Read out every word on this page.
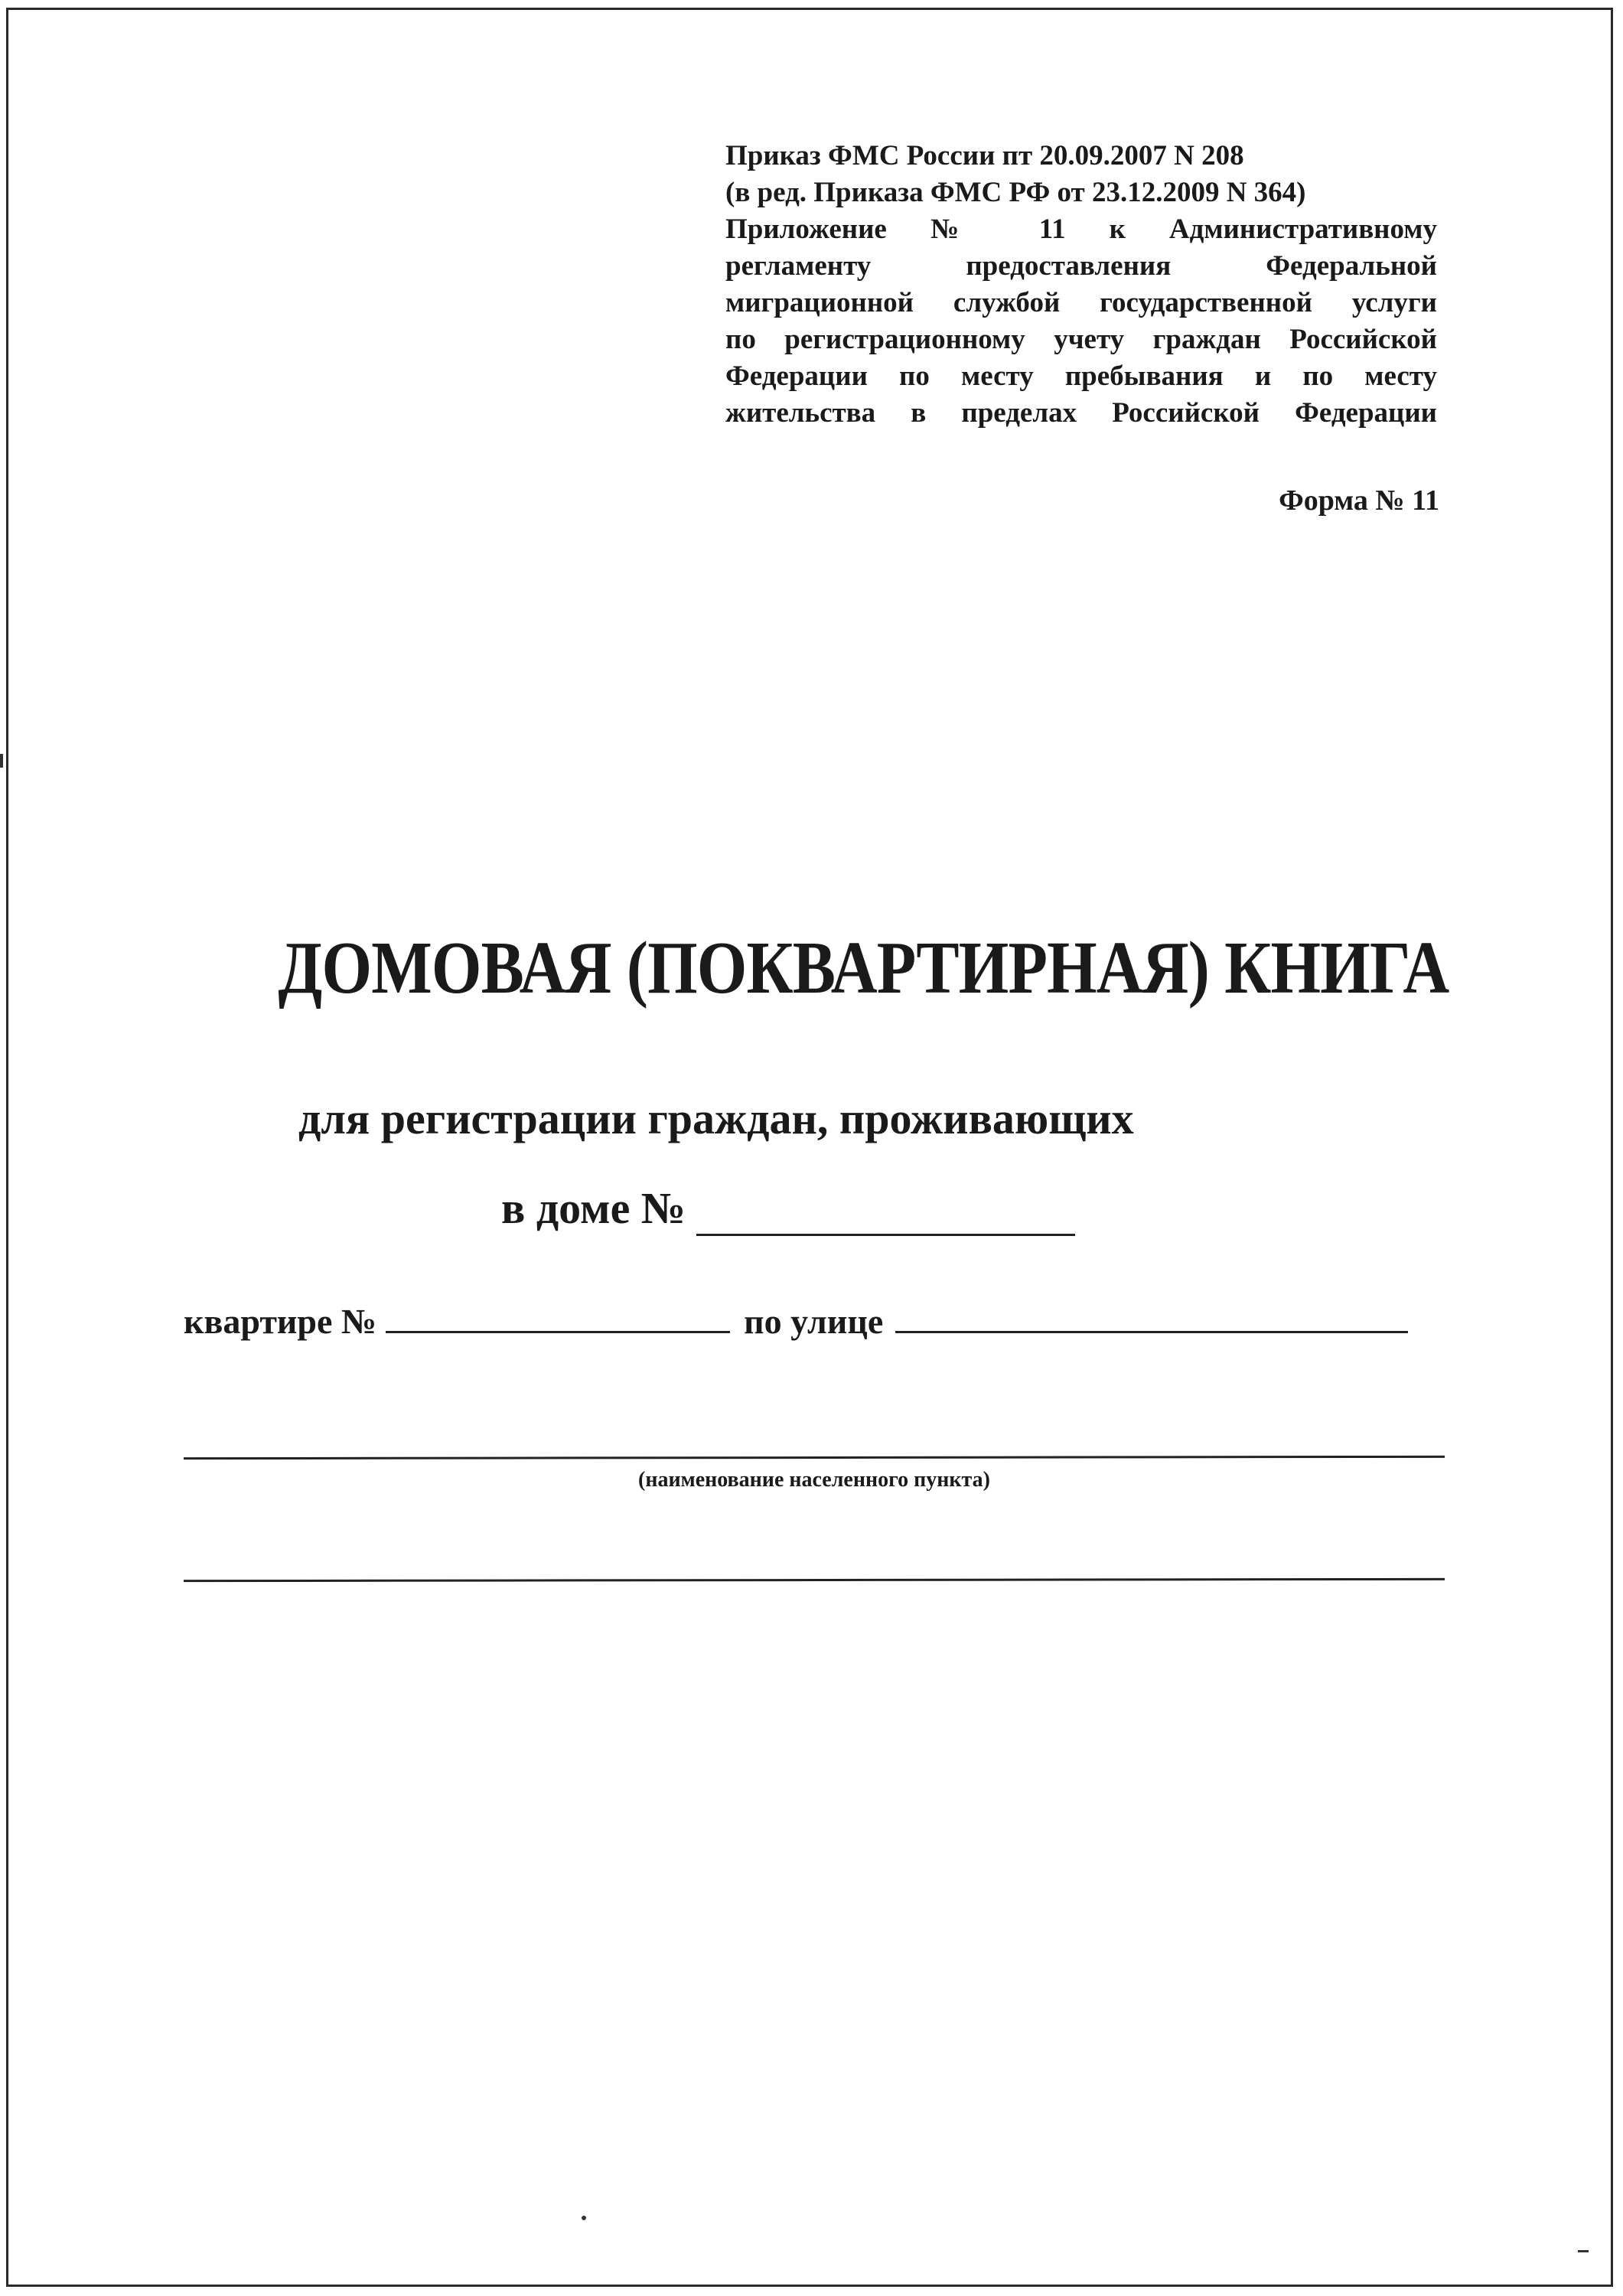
Приказ ФМС России пт 20.09.2007 N 208
(в ред. Приказа ФМС РФ от 23.12.2009 N 364)
Приложение № 11 к Административному
регламенту предоставления Федеральной
миграционной службой государственной услуги
по регистрационному учету граждан Российской
Федерации по месту пребывания и по месту
жительства в пределах Российской Федерации
Форма № 11
ДОМОВАЯ (ПОКВАРТИРНАЯ) КНИГА
для регистрации граждан, проживающих
в доме №
квартире №	по улице
(наименование населенного пункта)
